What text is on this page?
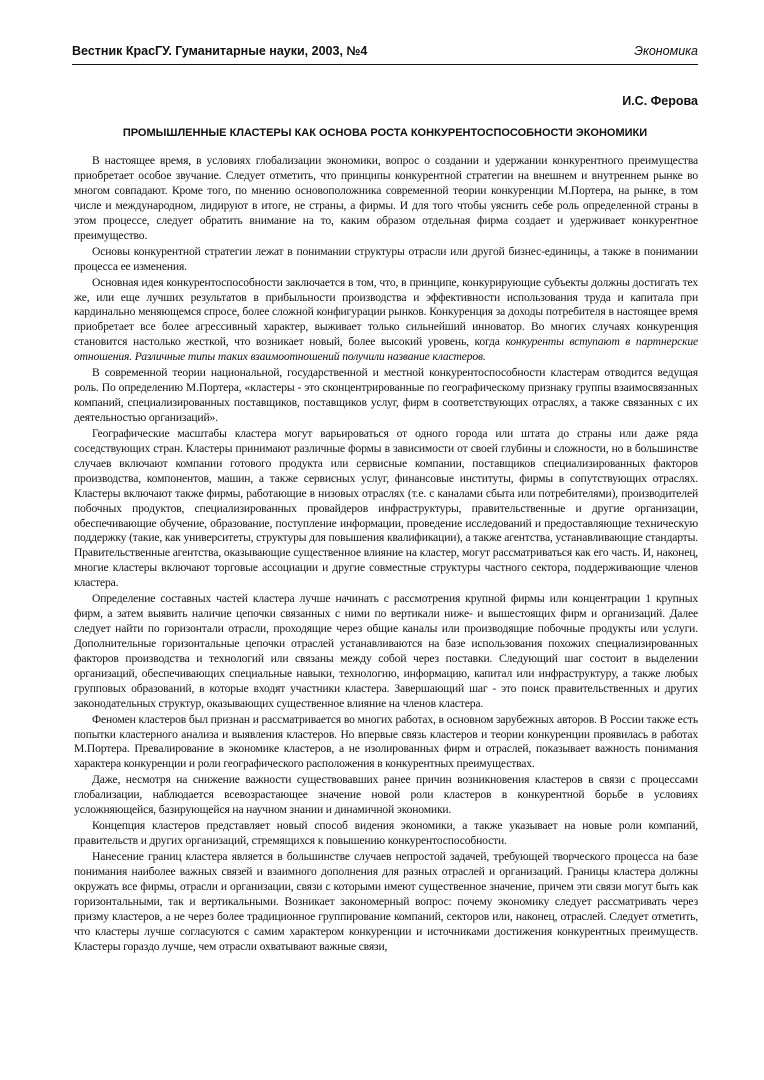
Вестник КрасГУ. Гуманитарные науки, 2003, №4	Экономика
И.С. Ферова
ПРОМЫШЛЕННЫЕ КЛАСТЕРЫ КАК ОСНОВА РОСТА КОНКУРЕНТОСПОСОБНОСТИ ЭКОНОМИКИ

В настоящее время, в условиях глобализации экономики, вопрос о создании и удержании конкурентного преимущества приобретает особое звучание. Следует отметить, что принципы конкурентной стратегии на внешнем и внутреннем рынке во многом совпадают. Кроме того, по мнению основоположника современной теории конкуренции М.Портера, на рынке, в том числе и международном, лидируют в итоге, не страны, а фирмы. И для того чтобы уяснить себе роль определенной страны в этом процессе, следует обратить внимание на то, каким образом отдельная фирма создает и удерживает конкурентное преимущество.

Основы конкурентной стратегии лежат в понимании структуры отрасли или другой бизнес-единицы, а также в понимании процесса ее изменения.

Основная идея конкурентоспособности заключается в том, что, в принципе, конкурирующие субъекты должны достигать тех же, или еще лучших результатов в прибыльности производства и эффективности использования труда и капитала при кардинально меняющемся спросе, более сложной конфигурации рынков. Конкуренция за доходы потребителя в настоящее время приобретает все более агрессивный характер, выживает только сильнейший инноватор. Во многих случаях конкуренция становится настолько жесткой, что возникает новый, более высокий уровень, когда конкуренты вступают в партнерские отношения. Различные типы таких взаимоотношений получили название кластеров.

В современной теории национальной, государственной и местной конкурентоспособности кластерам отводится ведущая роль. По определению М.Портера, «кластеры - это сконцентрированные по географическому признаку группы взаимосвязанных компаний, специализированных поставщиков, поставщиков услуг, фирм в соответствующих отраслях, а также связанных с их деятельностью организаций».

Географические масштабы кластера могут варьироваться от одного города или штата до страны или даже ряда соседствующих стран. Кластеры принимают различные формы в зависимости от своей глубины и сложности, но в большинстве случаев включают компании готового продукта или сервисные компании, поставщиков специализированных факторов производства, компонентов, машин, а также сервисных услуг, финансовые институты, фирмы в сопутствующих отраслях. Кластеры включают также фирмы, работающие в низовых отраслях (т.е. с каналами сбыта или потребителями), производителей побочных продуктов, специализированных провайдеров инфраструктуры, правительственные и другие организации, обеспечивающие обучение, образование, поступление информации, проведение исследований и предоставляющие техническую поддержку (такие, как университеты, структуры для повышения квалификации), а также агентства, устанавливающие стандарты. Правительственные агентства, оказывающие существенное влияние на кластер, могут рассматриваться как его часть. И, наконец, многие кластеры включают торговые ассоциации и другие совместные структуры частного сектора, поддерживающие членов кластера.

Определение составных частей кластера лучше начинать с рассмотрения крупной фирмы или концентрации 1 крупных фирм, а затем выявить наличие цепочки связанных с ними по вертикали ниже- и вышестоящих фирм и организаций. Далее следует найти по горизонтали отрасли, проходящие через общие каналы или производящие побочные продукты или услуги. Дополнительные горизонтальные цепочки отраслей устанавливаются на базе использования похожих специализированных факторов производства и технологий или связаны между собой через поставки. Следующий шаг состоит в выделении организаций, обеспечивающих специальные навыки, технологию, информацию, капитал или инфраструктуру, а также любых групповых образований, в которые входят участники кластера. Завершающий шаг - это поиск правительственных и других законодательных структур, оказывающих существенное влияние на членов кластера.

Феномен кластеров был признан и рассматривается во многих работах, в основном зарубежных авторов. В России также есть попытки кластерного анализа и выявления кластеров. Но впервые связь кластеров и теории конкуренции проявилась в работах М.Портера. Превалирование в экономике кластеров, а не изолированных фирм и отраслей, показывает важность понимания характера конкуренции и роли географического расположения в конкурентных преимуществах.

Даже, несмотря на снижение важности существовавших ранее причин возникновения кластеров в связи с процессами глобализации, наблюдается всевозрастающее значение новой роли кластеров в конкурентной борьбе в условиях усложняющейся, базирующейся на научном знании и динамичной экономики.

Концепция кластеров представляет новый способ видения экономики, а также указывает на новые роли компаний, правительств и других организаций, стремящихся к повышению конкурентоспособности.

Нанесение границ кластера является в большинстве случаев непростой задачей, требующей творческого процесса на базе понимания наиболее важных связей и взаимного дополнения для разных отраслей и организаций. Границы кластера должны окружать все фирмы, отрасли и организации, связи с которыми имеют существенное значение, причем эти связи могут быть как горизонтальными, так и вертикальными. Возникает закономерный вопрос: почему экономику следует рассматривать через призму кластеров, а не через более традиционное группирование компаний, секторов или, наконец, отраслей. Следует отметить, что кластеры лучше согласуются с самим характером конкуренции и источниками достижения конкурентных преимуществ. Кластеры гораздо лучше, чем отрасли охватывают важные связи,
